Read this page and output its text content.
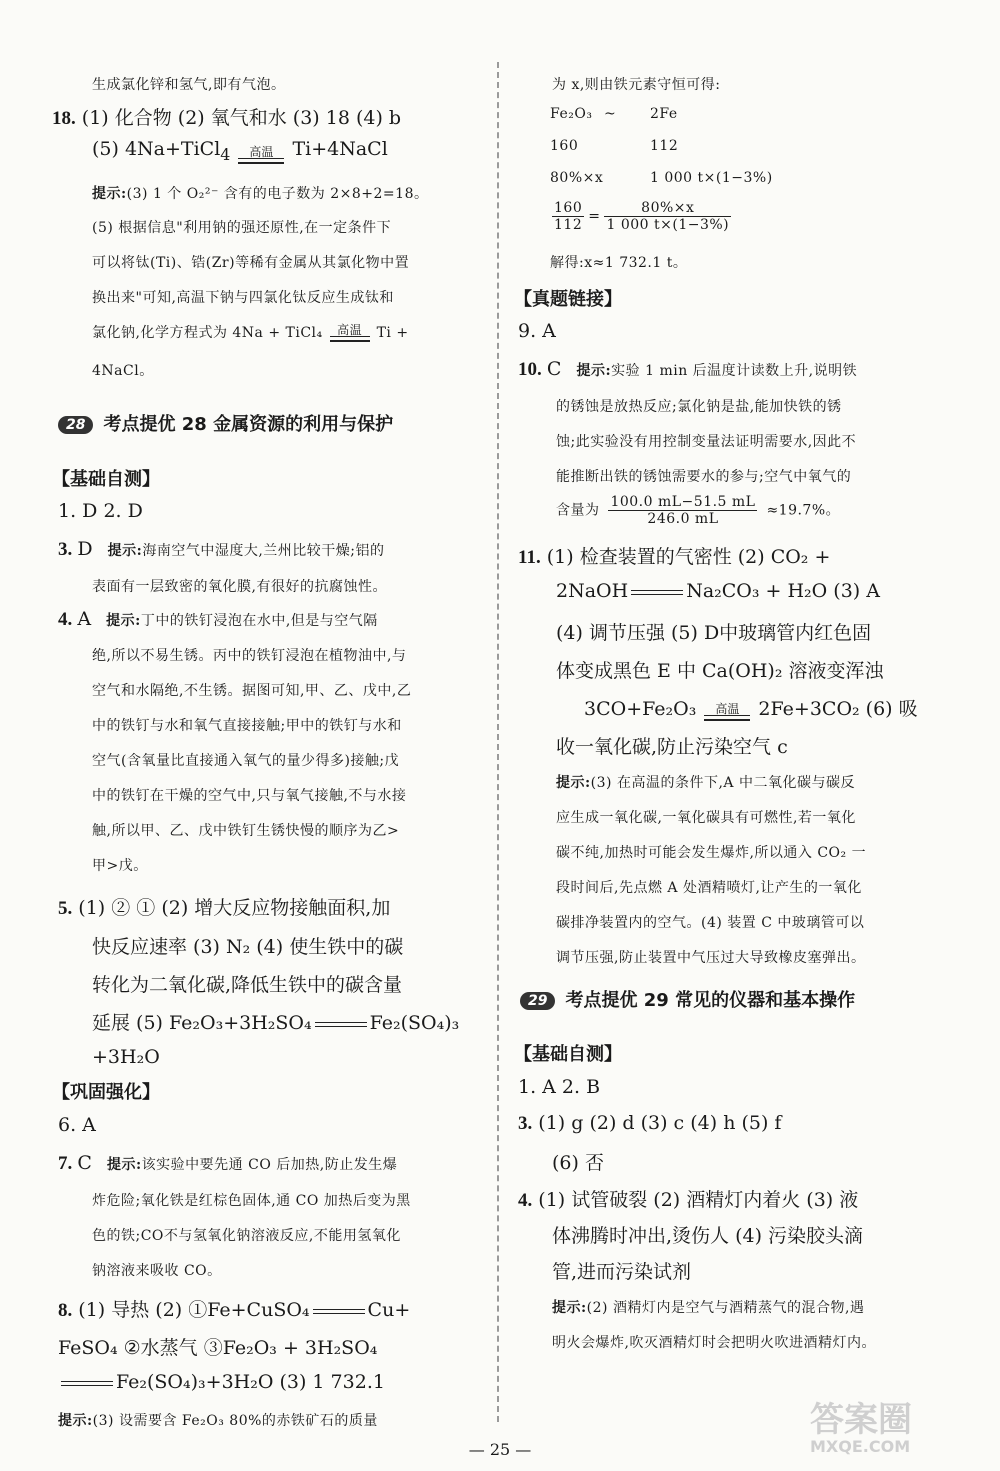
生成氯化锌和氢气,即有气泡。
18. (1) 化合物 (2) 氧气和水 (3) 18 (4) b
(5) 4Na+TiCl$_4$	高温	Ti+4NaCl
提示:(3) 1 个 O₂²⁻ 含有的电子数为 2×8+2=18。
(5) 根据信息"利用钠的强还原性,在一定条件下
可以将钛(Ti)、锆(Zr)等稀有金属从其氯化物中置
换出来"可知,高温下钠与四氯化钛反应生成钛和
氯化钠,化学方程式为 4Na + TiCl₄	高温	Ti +
4NaCl。
28 考点提优 28 金属资源的利用与保护
【基础自测】
1. D 2. D
3. D 提示:海南空气中湿度大,兰州比较干燥;铝的
表面有一层致密的氧化膜,有很好的抗腐蚀性。
4. A 提示:丁中的铁钉浸泡在水中,但是与空气隔
绝,所以不易生锈。丙中的铁钉浸泡在植物油中,与
空气和水隔绝,不生锈。据图可知,甲、乙、戊中,乙
中的铁钉与水和氧气直接接触;甲中的铁钉与水和
空气(含氧量比直接通入氧气的量少得多)接触;戊
中的铁钉在干燥的空气中,只与氧气接触,不与水接
触,所以甲、乙、戊中铁钉生锈快慢的顺序为乙>
甲>戊。
5. (1) ② ① (2) 增大反应物接触面积,加
快反应速率 (3) N₂ (4) 使生铁中的碳
转化为二氧化碳,降低生铁中的碳含量
延展 (5) Fe₂O₃+3H₂SO₄	Fe₂(SO₄)₃
+3H₂O
【巩固强化】
6. A
7. C 提示:该实验中要先通 CO 后加热,防止发生爆
炸危险;氧化铁是红棕色固体,通 CO 加热后变为黑
色的铁;CO不与氢氧化钠溶液反应,不能用氢氧化
钠溶液来吸收 CO。
8. (1) 导热 (2) ①Fe+CuSO₄	Cu+
FeSO₄ ②水蒸气 ③Fe₂O₃ + 3H₂SO₄
Fe₂(SO₄)₃+3H₂O (3) 1 732.1
提示:(3) 设需要含 Fe₂O₃ 80%的赤铁矿石的质量
为 x,则由铁元素守恒可得:
Fe₂O₃ ~ 2Fe
160	112
80%×x	1 000 t×(1−3%)
$\frac{160}{112} = \frac{80\%\times x}{1 000 t\times(1-3\%)}$
解得:x≈1 732.1 t。
【真题链接】
9. A
10. C 提示:实验 1 min 后温度计读数上升,说明铁
的锈蚀是放热反应;氯化钠是盐,能加快铁的锈
蚀;此实验没有用控制变量法证明需要水,因此不
能推断出铁的锈蚀需要水的参与;空气中氧气的
含量为 $\frac{100.0 mL-51.5 mL}{246.0 mL} \approx 19.7\%$。
11. (1) 检查装置的气密性 (2) CO₂ +
2NaOH	Na₂CO₃ + H₂O (3) A
(4) 调节压强 (5) D中玻璃管内红色固
体变成黑色 E 中 Ca(OH)₂ 溶液变浑浊
3CO+Fe₂O₃	高温	2Fe+3CO₂ (6) 吸
收一氧化碳,防止污染空气 c
提示:(3) 在高温的条件下,A 中二氧化碳与碳反
应生成一氧化碳,一氧化碳具有可燃性,若一氧化
碳不纯,加热时可能会发生爆炸,所以通入 CO₂ 一
段时间后,先点燃 A 处酒精喷灯,让产生的一氧化
碳排净装置内的空气。(4) 装置 C 中玻璃管可以
调节压强,防止装置中气压过大导致橡皮塞弹出。
29 考点提优 29 常见的仪器和基本操作
【基础自测】
1. A 2. B
3. (1) g (2) d (3) c (4) h (5) f
(6) 否
4. (1) 试管破裂 (2) 酒精灯内着火 (3) 液
体沸腾时冲出,烫伤人 (4) 污染胶头滴
管,进而污染试剂
提示:(2) 酒精灯内是空气与酒精蒸气的混合物,遇
明火会爆炸,吹灭酒精灯时会把明火吹进酒精灯内。
— 25 —
答案圈
MXQE.COM
